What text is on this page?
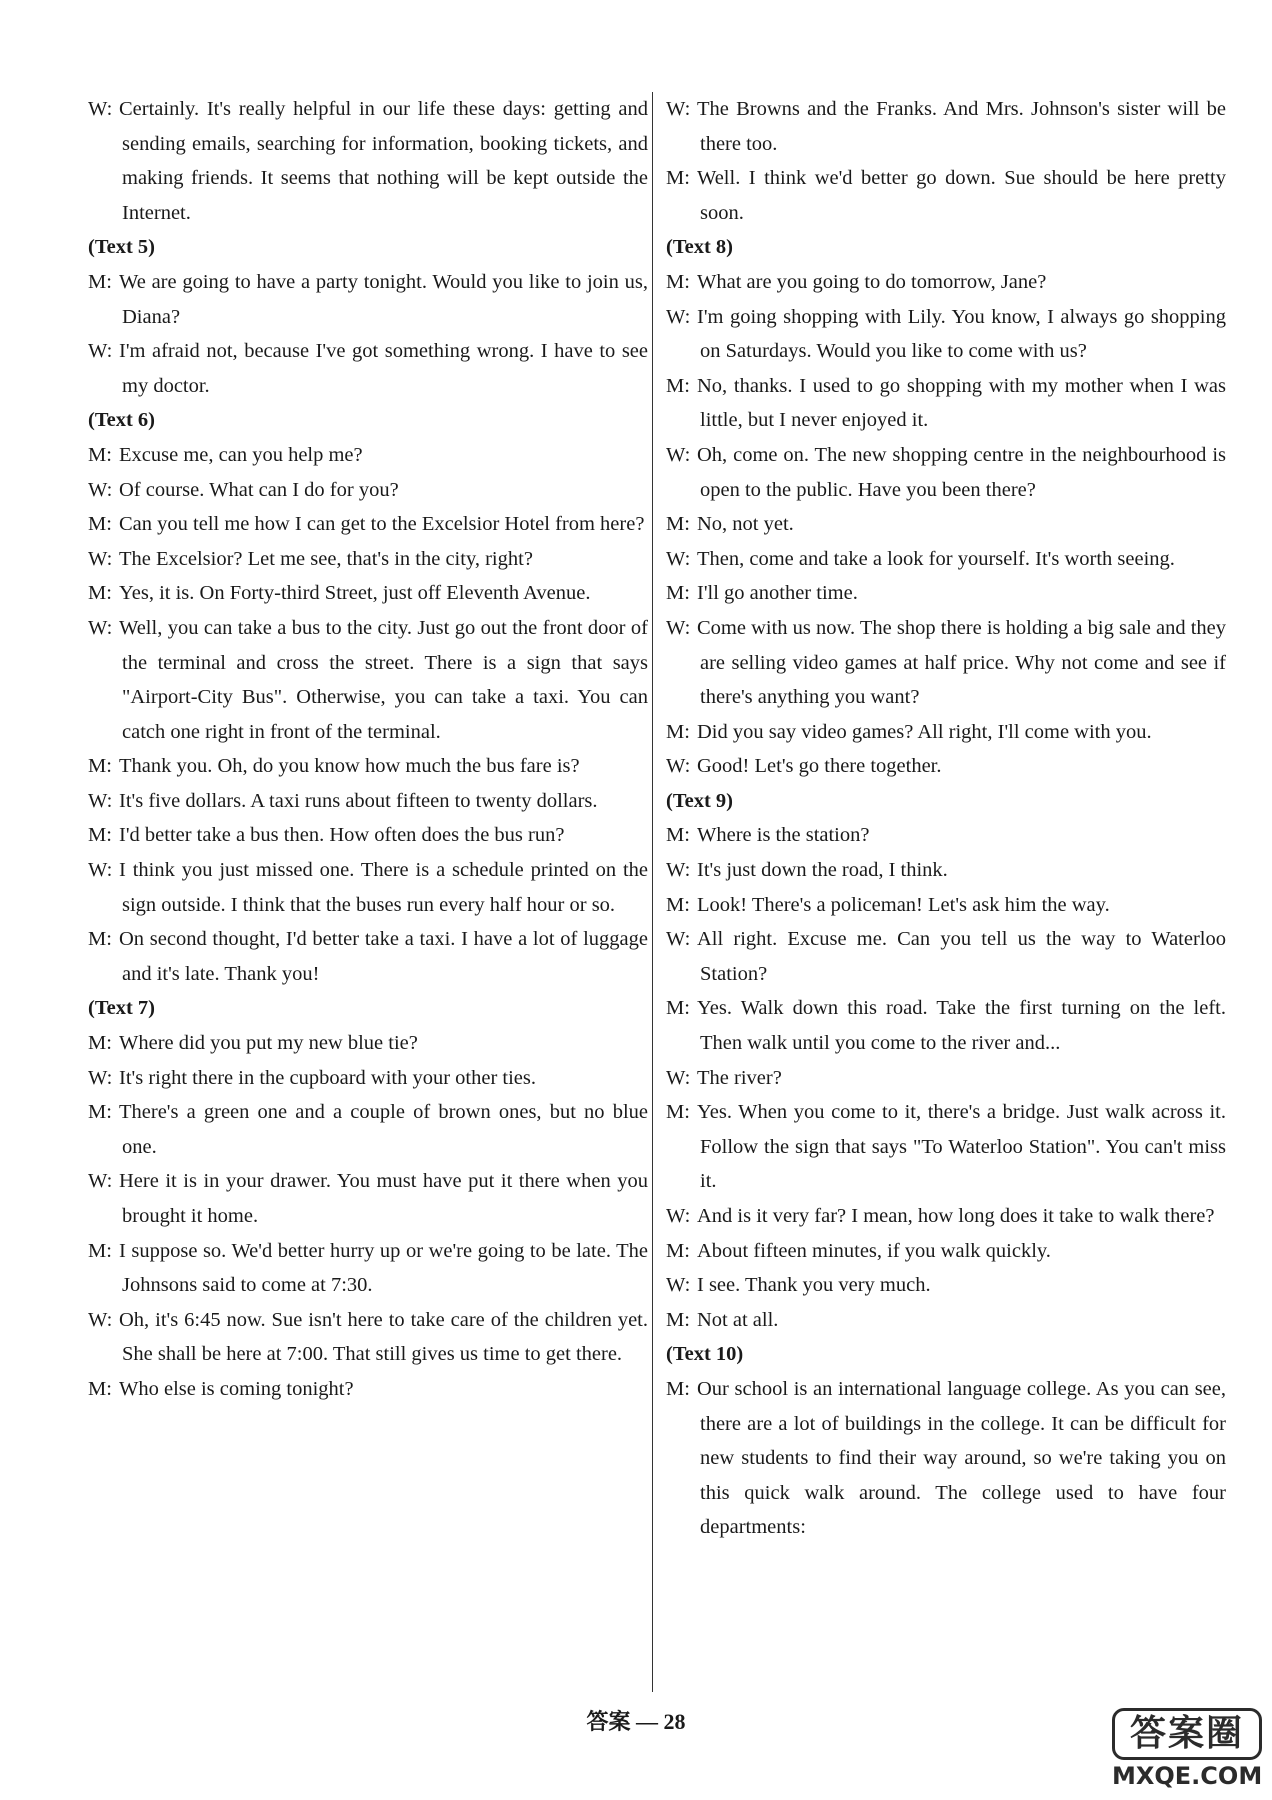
W: Certainly. It's really helpful in our life these days: getting and sending emails, searching for information, booking tickets, and making friends. It seems that nothing will be kept outside the Internet.
(Text 5)
M: We are going to have a party tonight. Would you like to join us, Diana?
W: I'm afraid not, because I've got something wrong. I have to see my doctor.
(Text 6)
M: Excuse me, can you help me?
W: Of course. What can I do for you?
M: Can you tell me how I can get to the Excelsior Hotel from here?
W: The Excelsior? Let me see, that's in the city, right?
M: Yes, it is. On Forty-third Street, just off Eleventh Avenue.
W: Well, you can take a bus to the city. Just go out the front door of the terminal and cross the street. There is a sign that says "Airport-City Bus". Otherwise, you can take a taxi. You can catch one right in front of the terminal.
M: Thank you. Oh, do you know how much the bus fare is?
W: It's five dollars. A taxi runs about fifteen to twenty dollars.
M: I'd better take a bus then. How often does the bus run?
W: I think you just missed one. There is a schedule printed on the sign outside. I think that the buses run every half hour or so.
M: On second thought, I'd better take a taxi. I have a lot of luggage and it's late. Thank you!
(Text 7)
M: Where did you put my new blue tie?
W: It's right there in the cupboard with your other ties.
M: There's a green one and a couple of brown ones, but no blue one.
W: Here it is in your drawer. You must have put it there when you brought it home.
M: I suppose so. We'd better hurry up or we're going to be late. The Johnsons said to come at 7:30.
W: Oh, it's 6:45 now. Sue isn't here to take care of the children yet. She shall be here at 7:00. That still gives us time to get there.
M: Who else is coming tonight?
W: The Browns and the Franks. And Mrs. Johnson's sister will be there too.
M: Well. I think we'd better go down. Sue should be here pretty soon.
(Text 8)
M: What are you going to do tomorrow, Jane?
W: I'm going shopping with Lily. You know, I always go shopping on Saturdays. Would you like to come with us?
M: No, thanks. I used to go shopping with my mother when I was little, but I never enjoyed it.
W: Oh, come on. The new shopping centre in the neighbourhood is open to the public. Have you been there?
M: No, not yet.
W: Then, come and take a look for yourself. It's worth seeing.
M: I'll go another time.
W: Come with us now. The shop there is holding a big sale and they are selling video games at half price. Why not come and see if there's anything you want?
M: Did you say video games? All right, I'll come with you.
W: Good! Let's go there together.
(Text 9)
M: Where is the station?
W: It's just down the road, I think.
M: Look! There's a policeman! Let's ask him the way.
W: All right. Excuse me. Can you tell us the way to Waterloo Station?
M: Yes. Walk down this road. Take the first turning on the left. Then walk until you come to the river and...
W: The river?
M: Yes. When you come to it, there's a bridge. Just walk across it. Follow the sign that says "To Waterloo Station". You can't miss it.
W: And is it very far? I mean, how long does it take to walk there?
M: About fifteen minutes, if you walk quickly.
W: I see. Thank you very much.
M: Not at all.
(Text 10)
M: Our school is an international language college. As you can see, there are a lot of buildings in the college. It can be difficult for new students to find their way around, so we're taking you on this quick walk around. The college used to have four departments:
答案 — 28	答案圈
MXQE.COM
